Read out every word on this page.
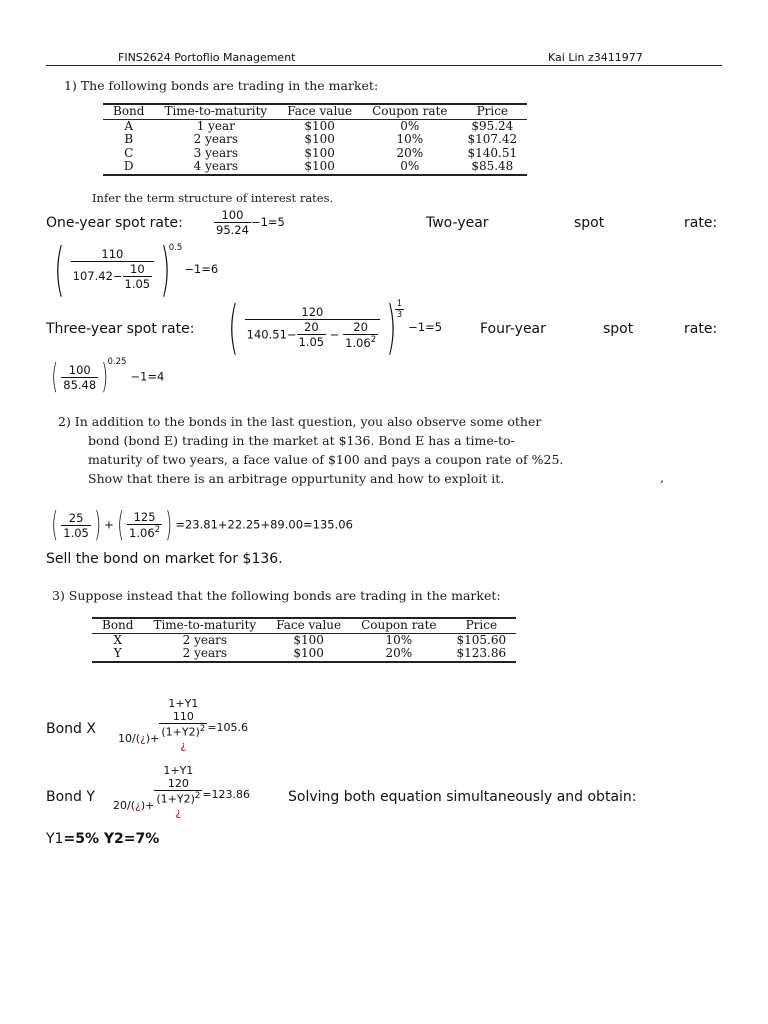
FINS2624 Portoflio Management	Kai Lin z3411977
1) The following bonds are trading in the market:
Bond	Time-to-maturity	Face value	Coupon rate	Price
A	1 year	$100	0%	$95.24
B	2 years	$100	10%	$107.42
C	3 years	$100	20%	$140.51
D	4 years	$100	0%	$85.48
Infer the term structure of interest rates.
One-year spot rate:	$\frac{100}{95.24} -1=5$	Two-year	spot	rate:
( $\frac{110}{107.42- \frac{10}{1.05}} )^{0.5}-1=6$
Three-year spot rate: ( $\frac{120}{140.51- \frac{20}{1.05} - \frac{20}{1.06^2}}$ )
$\frac{1}{3}$
−1=5	Four-year	spot	rate:
( $\frac{100}{85.48} )^{0.25}-1=4$
2) In addition to the bonds in the last question, you also observe some other
bond (bond E) trading in the market at $136. Bond E has a time-to-
maturity of two years, a face value of $100 and pays a coupon rate of %25.
Show that there is an arbitrage oppurtunity and how to exploit it.	,
( $\frac{25}{1.05}$ ) +( $\frac{125}{1.06^2}$ ) =23.81+22.25+89.00=135.06
Sell the bond on market for $136.
3) Suppose instead that the following bonds are trading in the market:
Bond	Time-to-maturity	Face value	Coupon rate	Price
X	2 years	$100	10%	$105.60
Y	2 years	$100	20%	$123.86
Bond X
10/(¿)+
1+Y1
110
$(1+Y2)^2$
¿
=105.6
Bond Y
20/(¿)+
1+Y1
120
$(1+Y2)^2$
¿
=123.86	Solving both equation simultaneously and obtain:
Y1=5% Y2=7%
